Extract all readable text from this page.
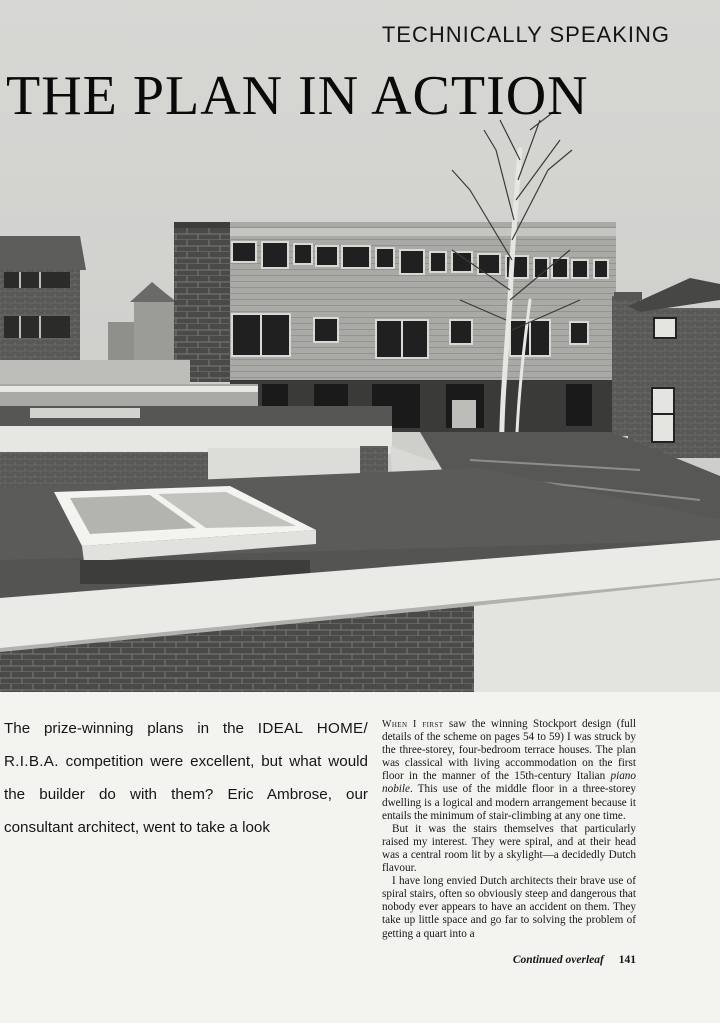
TECHNICALLY SPEAKING
THE PLAN IN ACTION
The prize-winning plans in the IDEAL HOME/ R.I.B.A. competition were excellent, but what would the builder do with them? Eric Ambrose, our consultant architect, went to take a look

When I first saw the winning Stockport design (full details of the scheme on pages 54 to 59) I was struck by the three-storey, four-bedroom terrace houses. The plan was classical with living accommodation on the first floor in the manner of the 15th-century Italian piano nobile. This use of the middle floor in a three-storey dwelling is a logical and modern arrangement because it entails the minimum of stair-climbing at any one time.

But it was the stairs themselves that particularly raised my interest. They were spiral, and at their head was a central room lit by a skylight—a decidedly Dutch flavour.

I have long envied Dutch architects their brave use of spiral stairs, often so obviously steep and dangerous that nobody ever appears to have an accident on them. They take up little space and go far to solving the problem of getting a quart into a

Continued overleaf 141
